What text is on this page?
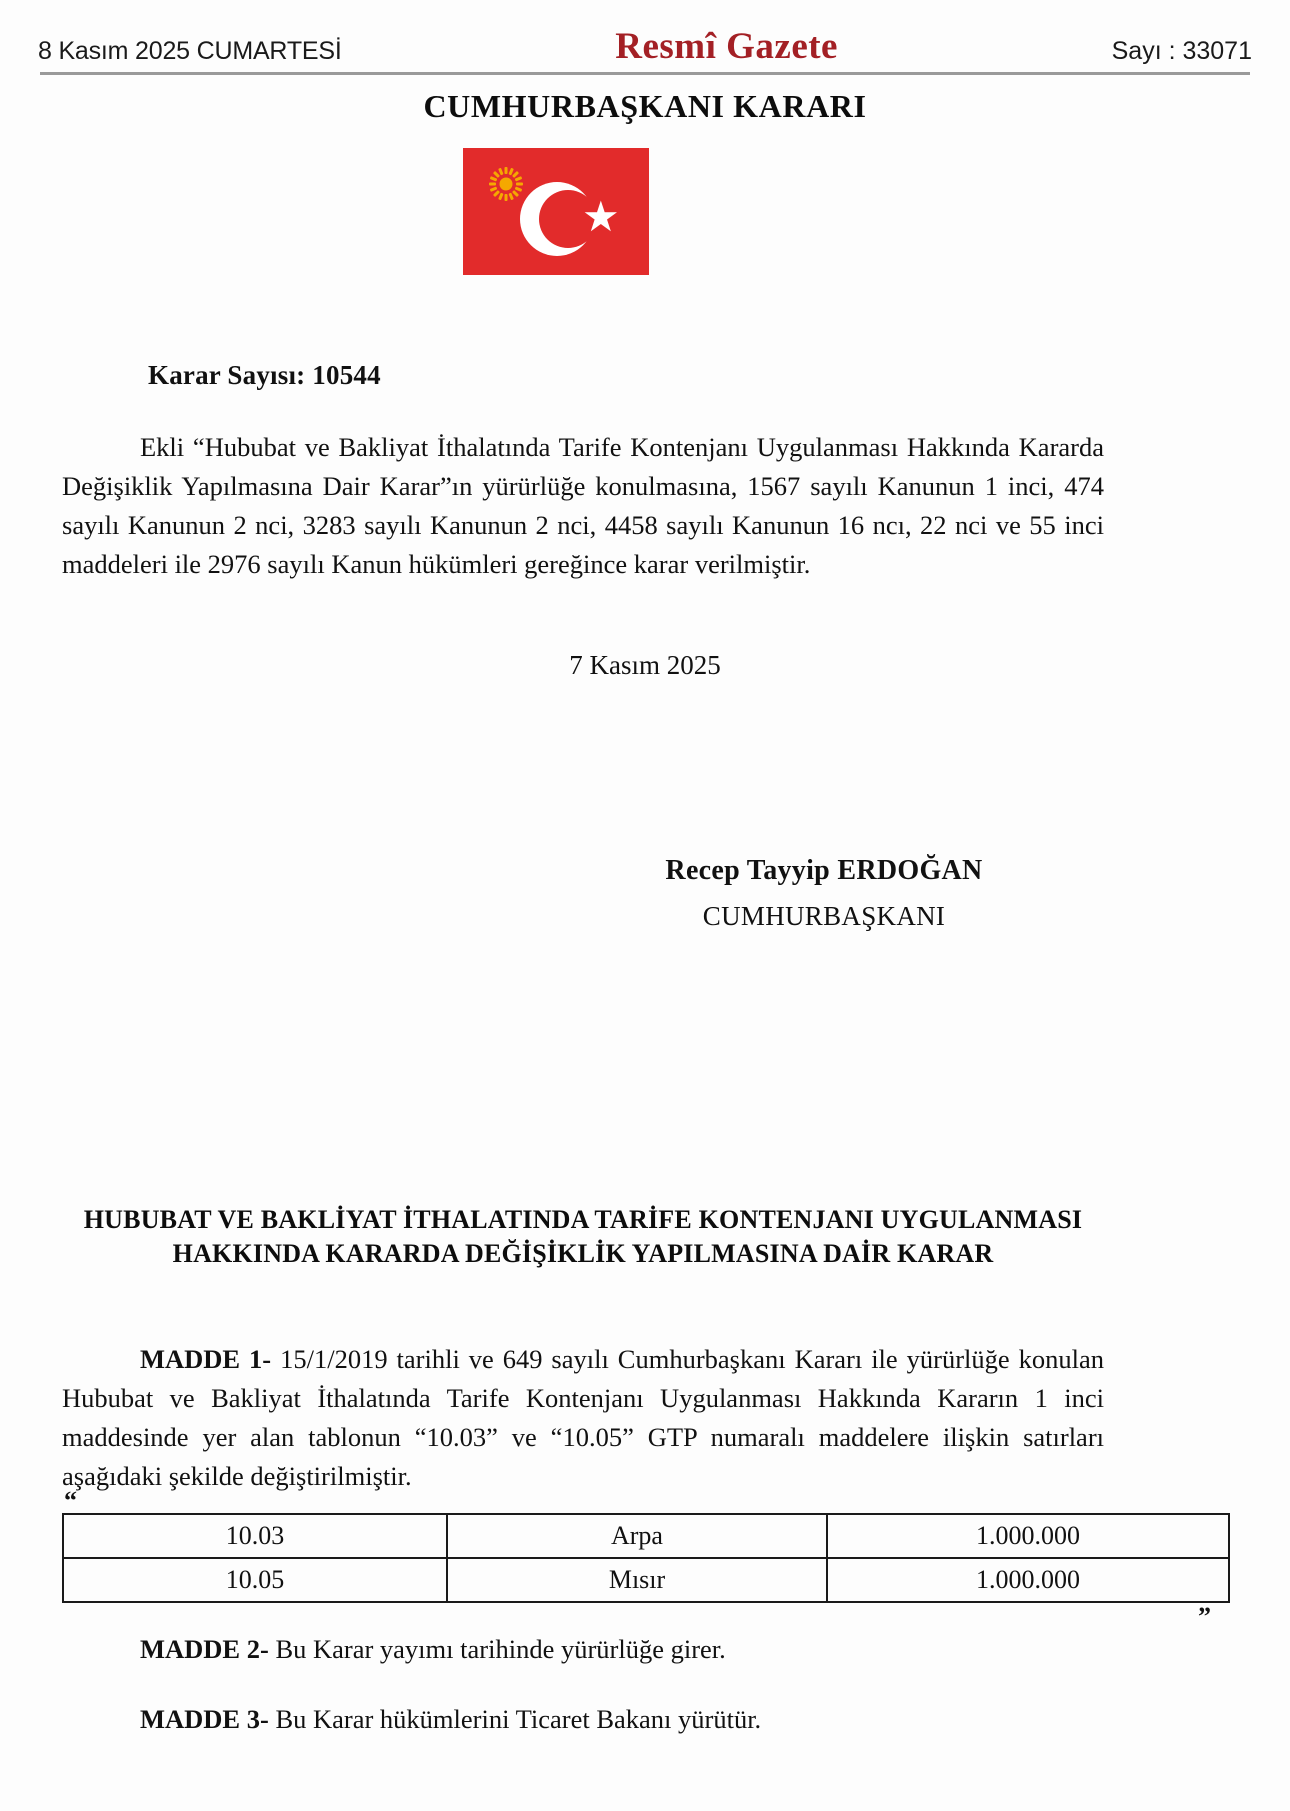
8 Kasım 2025 CUMARTESİ	Resmî Gazete	Sayı : 33071
CUMHURBAŞKANI KARARI
★
Karar Sayısı: 10544
Ekli “Hububat ve Bakliyat İthalatında Tarife Kontenjanı Uygulanması Hakkında Kararda Değişiklik Yapılmasına Dair Karar”ın yürürlüğe konulmasına, 1567 sayılı Kanunun 1 inci, 474 sayılı Kanunun 2 nci, 3283 sayılı Kanunun 2 nci, 4458 sayılı Kanunun 16 ncı, 22 nci ve 55 inci maddeleri ile 2976 sayılı Kanun hükümleri gereğince karar verilmiştir.
7 Kasım 2025
Recep Tayyip ERDOĞAN
CUMHURBAŞKANI
HUBUBAT VE BAKLİYAT İTHALATINDA TARİFE KONTENJANI UYGULANMASI HAKKINDA KARARDA DEĞİŞİKLİK YAPILMASINA DAİR KARAR
MADDE 1- 15/1/2019 tarihli ve 649 sayılı Cumhurbaşkanı Kararı ile yürürlüğe konulan Hububat ve Bakliyat İthalatında Tarife Kontenjanı Uygulanması Hakkında Kararın 1 inci maddesinde yer alan tablonun “10.03” ve “10.05” GTP numaralı maddelere ilişkin satırları aşağıdaki şekilde değiştirilmiştir.
“
10.03	Arpa	1.000.000
10.05	Mısır	1.000.000
”
MADDE 2- Bu Karar yayımı tarihinde yürürlüğe girer.
MADDE 3- Bu Karar hükümlerini Ticaret Bakanı yürütür.
